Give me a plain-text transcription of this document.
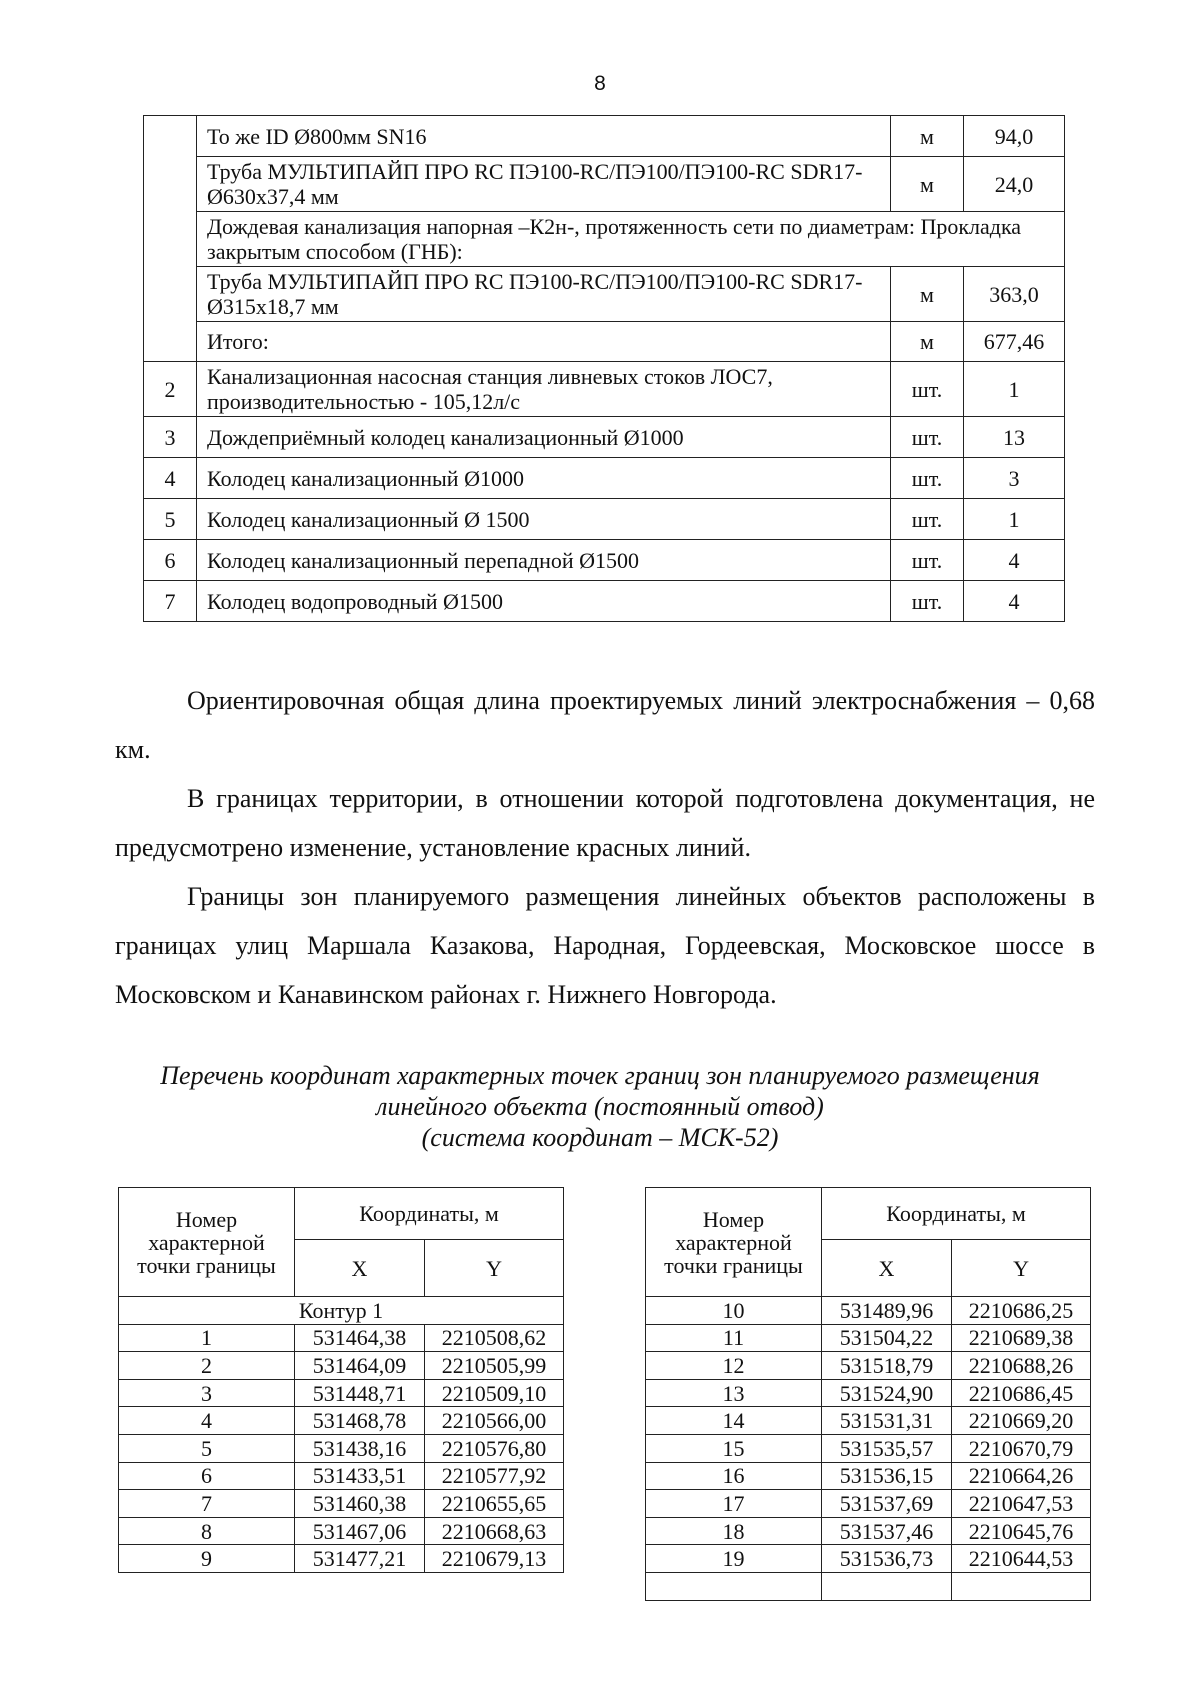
8
	То же ID Ø800мм SN16	м	94,0
	Труба МУЛЬТИПАЙП ПРО RC ПЭ100-RC/ПЭ100/ПЭ100-RC SDR17-Ø630х37,4 мм	м	24,0
	Дождевая канализация напорная –К2н-, протяженность сети по диаметрам: Прокладка закрытым способом (ГНБ):		
	Труба МУЛЬТИПАЙП ПРО RC ПЭ100-RC/ПЭ100/ПЭ100-RC SDR17-Ø315х18,7 мм	м	363,0
	Итого:	м	677,46
2	Канализационная насосная станция ливневых стоков ЛОС7, производительностью - 105,12л/с	шт.	1
3	Дождеприёмный колодец канализационный Ø1000	шт.	13
4	Колодец канализационный Ø1000	шт.	3
5	Колодец канализационный Ø 1500	шт.	1
6	Колодец канализационный перепадной Ø1500	шт.	4
7	Колодец водопроводный Ø1500	шт.	4

Ориентировочная общая длина проектируемых линий электроснабжения – 0,68 км.

В границах территории, в отношении которой подготовлена документация, не предусмотрено изменение, установление красных линий.

Границы зон планируемого размещения линейных объектов расположены в границах улиц Маршала Казакова, Народная, Гордеевская, Московское шоссе в Московском и Канавинском районах г. Нижнего Новгорода.

Перечень координат характерных точек границ зон планируемого размещения
линейного объекта (постоянный отвод)
(система координат – МСК-52)
Номер характерной точки границы	Координаты, м	
	X	Y
Контур 1		
1	531464,38	2210508,62
2	531464,09	2210505,99
3	531448,71	2210509,10
4	531468,78	2210566,00
5	531438,16	2210576,80
6	531433,51	2210577,92
7	531460,38	2210655,65
8	531467,06	2210668,63
9	531477,21	2210679,13
Номер характерной точки границы	Координаты, м	
	X	Y
10	531489,96	2210686,25
11	531504,22	2210689,38
12	531518,79	2210688,26
13	531524,90	2210686,45
14	531531,31	2210669,20
15	531535,57	2210670,79
16	531536,15	2210664,26
17	531537,69	2210647,53
18	531537,46	2210645,76
19	531536,73	2210644,53
